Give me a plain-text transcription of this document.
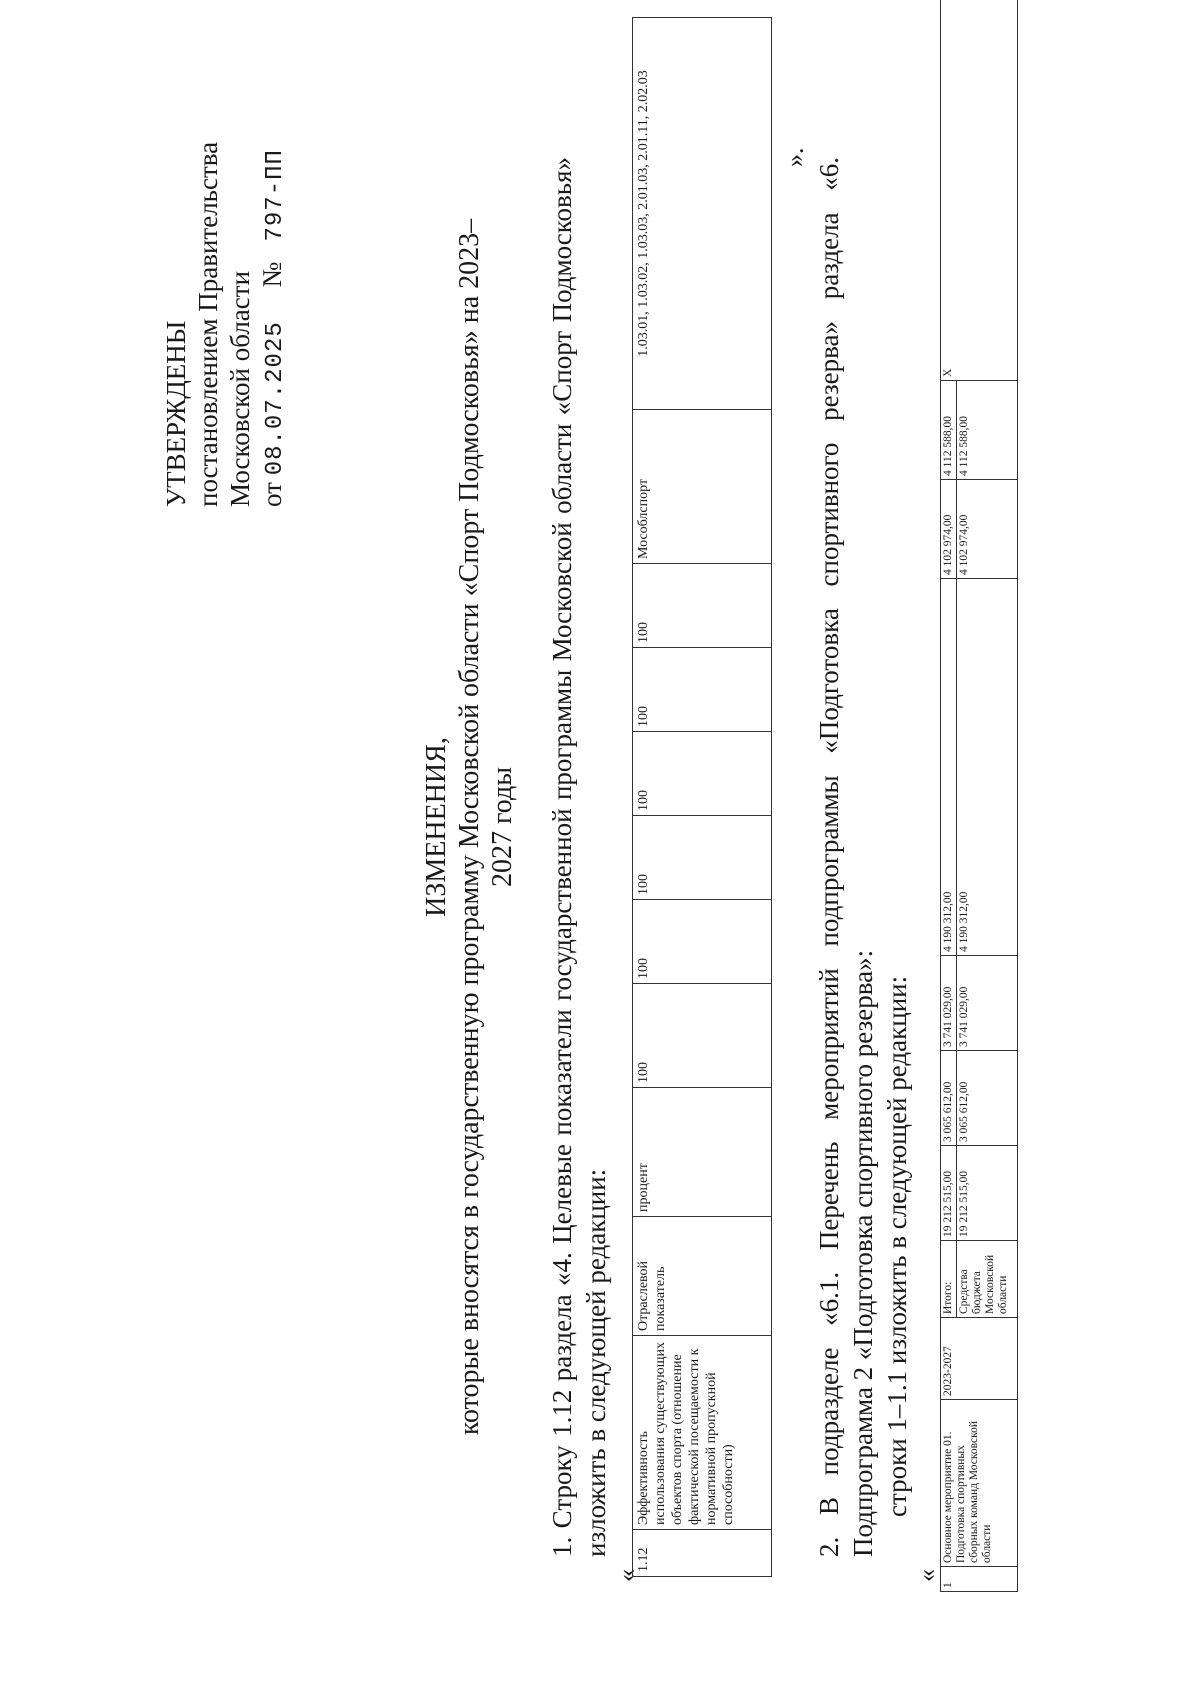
УТВЕРЖДЕНЫ постановлением Правительства Московской области от 08.07.2025     №   797-ПП
ИЗМЕНЕНИЯ, которые вносятся в государственную программу Московской области «Спорт Подмосковья» на 2023–2027 годы 1. Строку 1.12 раздела «4. Целевые показатели государственной программы Московской области «Спорт Подмосковья» изложить в следующей редакции:
«
1.12	Эффективность использования существующих объектов спорта (отношение фактической посещаемости к нормативной пропускной способности)	Отраслевой показатель	процент	100	100	100	100	100	100	Мособлспорт	1.03.01, 1.03.02, 1.03.03, 2.01.03, 2.01.11, 2.02.03	». 2. В подразделе «6.1. Перечень мероприятий подпрограммы «Подготовка спортивного резерва» раздела «6. Подпрограмма 2 «Подготовка спортивного резерва»: строки 1–1.1 изложить в следующей редакции:
«
1	Основное мероприятие 01. Подготовка спортивных сборных команд Московской области	2023-2027	Итого:	19 212 515,00	3 065 612,00	3 741 029,00	4 190 312,00	4 102 974,00	4 112 588,00	X
			Средства бюджета Московской области	19 212 515,00	3 065 612,00	3 741 029,00	4 190 312,00	4 102 974,00	4 112 588,00	
